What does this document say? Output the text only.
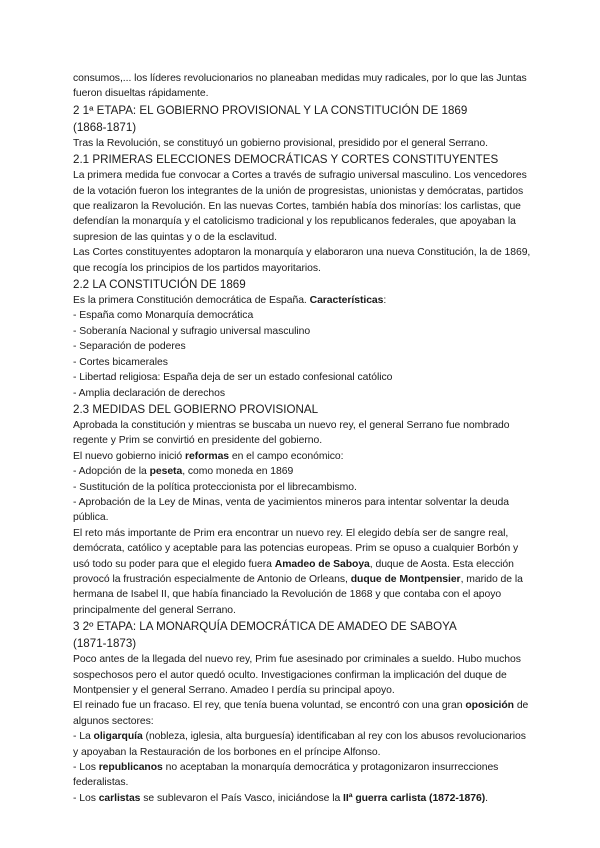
consumos,... los líderes revolucionarios no planeaban medidas muy radicales, por lo que las Juntas fueron disueltas rápidamente.

2 1ª ETAPA: EL GOBIERNO PROVISIONAL Y LA CONSTITUCIÓN DE 1869
(1868-1871)

Tras la Revolución, se constituyó un gobierno provisional, presidido por el general Serrano.

2.1 PRIMERAS ELECCIONES DEMOCRÁTICAS Y CORTES CONSTITUYENTES

La primera medida fue convocar a Cortes a través de sufragio universal masculino. Los vencedores de la votación fueron los integrantes de la unión de progresistas, unionistas y demócratas, partidos que realizaron la Revolución. En las nuevas Cortes, también había dos minorías: los carlistas, que defendían la monarquía y el catolicismo tradicional y los republicanos federales, que apoyaban la supresion de las quintas y o de la esclavitud.

Las Cortes constituyentes adoptaron la monarquía y elaboraron una nueva Constitución, la de 1869, que recogía los principios de los partidos mayoritarios.

2.2 LA CONSTITUCIÓN DE 1869

Es la primera Constitución democrática de España. Características:

- España como Monarquía democrática

- Soberanía Nacional y sufragio universal masculino

- Separación de poderes

- Cortes bicamerales

- Libertad religiosa: España deja de ser un estado confesional católico

- Amplia declaración de derechos

2.3 MEDIDAS DEL GOBIERNO PROVISIONAL

Aprobada la constitución y mientras se buscaba un nuevo rey, el general Serrano fue nombrado regente y Prim se convirtió en presidente del gobierno.

El nuevo gobierno inició reformas en el campo económico:

- Adopción de la peseta, como moneda en 1869

- Sustitución de la política proteccionista por el librecambismo.

- Aprobación de la Ley de Minas, venta de yacimientos mineros para intentar solventar la deuda pública.

El reto más importante de Prim era encontrar un nuevo rey. El elegido debía ser de sangre real, demócrata, católico y aceptable para las potencias europeas. Prim se opuso a cualquier Borbón y usó todo su poder para que el elegido fuera Amadeo de Saboya, duque de Aosta. Esta elección provocó la frustración especialmente de Antonio de Orleans, duque de Montpensier, marido de la hermana de Isabel II, que había financiado la Revolución de 1868 y que contaba con el apoyo principalmente del general Serrano.

3 2º ETAPA: LA MONARQUÍA DEMOCRÁTICA DE AMADEO DE SABOYA
(1871-1873)

Poco antes de la llegada del nuevo rey, Prim fue asesinado por criminales a sueldo. Hubo muchos sospechosos pero el autor quedó oculto. Investigaciones confirman la implicación del duque de Montpensier y el general Serrano. Amadeo I perdía su principal apoyo.

El reinado fue un fracaso. El rey, que tenía buena voluntad, se encontró con una gran oposición de algunos sectores:

- La oligarquía (nobleza, iglesia, alta burguesía) identificaban al rey con los abusos revolucionarios y apoyaban la Restauración de los borbones en el príncipe Alfonso.

- Los republicanos no aceptaban la monarquía democrática y protagonizaron insurrecciones federalistas.

- Los carlistas se sublevaron el País Vasco, iniciándose la IIª guerra carlista (1872-1876).
